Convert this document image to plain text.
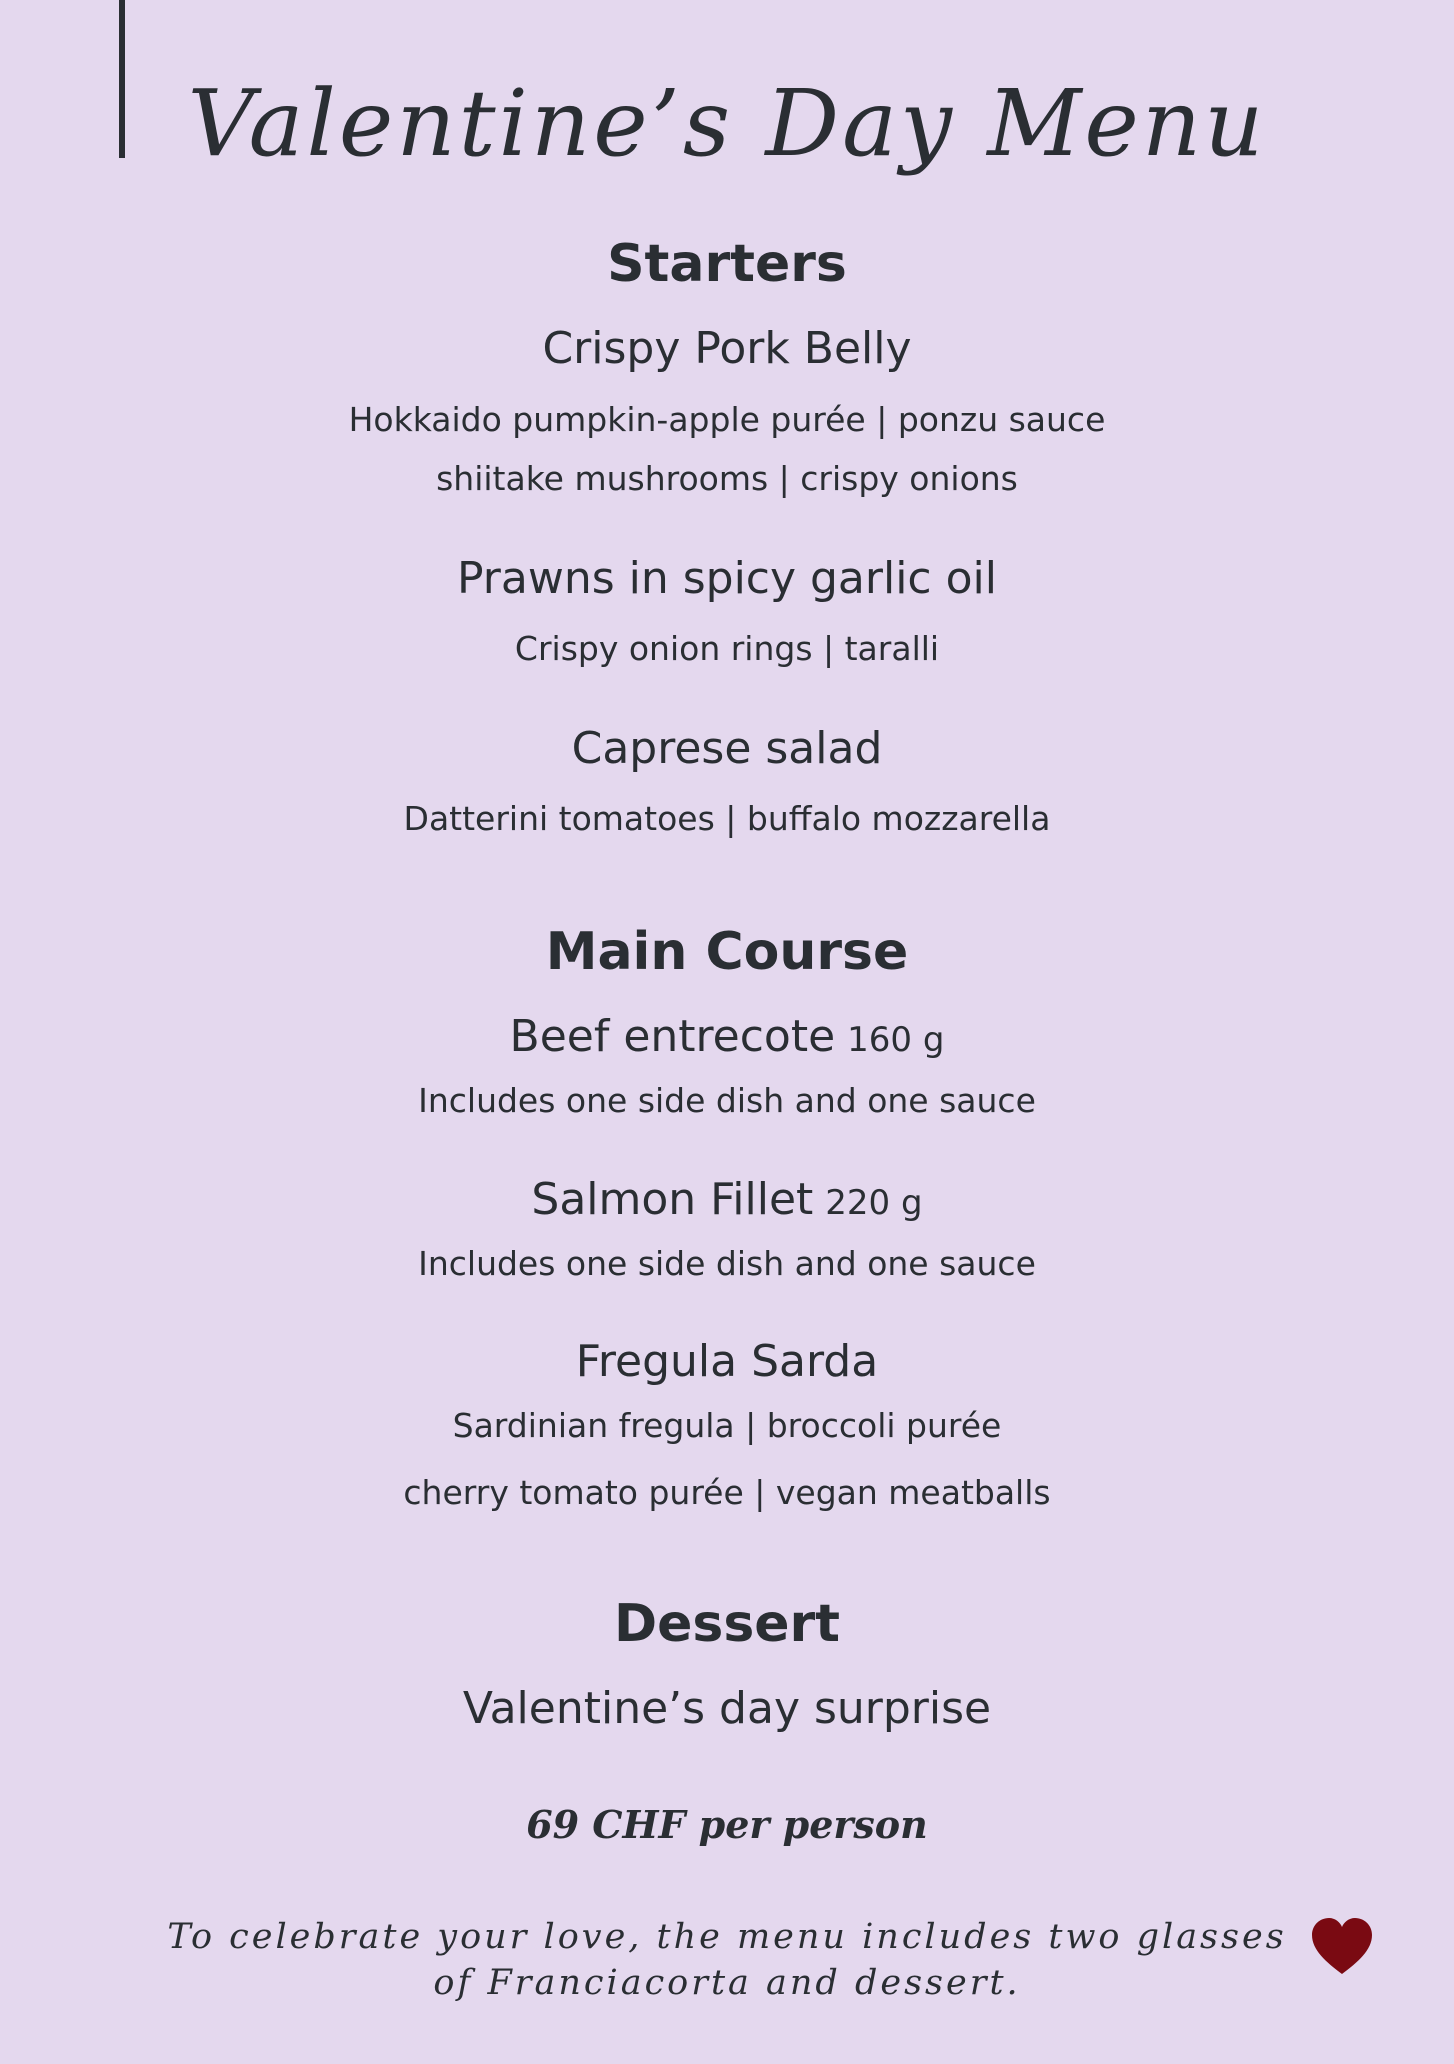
Valentine’s Day Menu
Starters
Crispy Pork Belly
Hokkaido pumpkin-apple purée | ponzu sauce
shiitake mushrooms | crispy onions
Prawns in spicy garlic oil
Crispy onion rings | taralli
Caprese salad
Datterini tomatoes | buffalo mozzarella
Main Course
Beef entrecote 160 g
Includes one side dish and one sauce
Salmon Fillet 220 g
Includes one side dish and one sauce
Fregula Sarda
Sardinian fregula | broccoli purée
cherry tomato purée | vegan meatballs
Dessert
Valentine’s day surprise
69 CHF per person
To celebrate your love, the menu includes two glasses
of Franciacorta and dessert.
